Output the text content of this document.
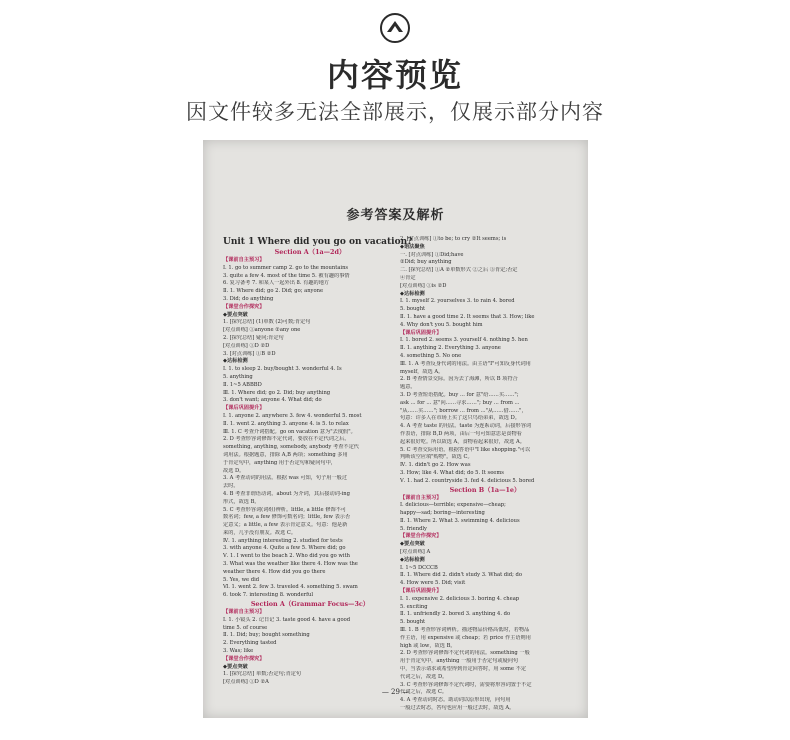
内容预览
因文件较多无法全部展示，仅展示部分内容
参考答案及解析
Unit 1 Where did you go on vacation?
Section A（1a—2d）
【课前自主预习】
Ⅰ. 1. go to summer camp 2. go to the mountains
3. quite a few 4. most of the time 5. 被有趣的事情
6. 复习备考 7. 和某人一起外出 8. 有趣的地方
Ⅱ. 1. Where did; go 2. Did; go; anyone
3. Did; do anything
【课堂合作探究】
◆要点突破
1. [探究总结] (1)单数 (2)可数;肯定句
[对点训练] ①anyone ②any one
2. [探究总结] 疑问;肯定句
[对点训练] ①D ②D
3. [对点训练] ①B ②D
◆达标检测
Ⅰ. 1. to sleep 2. buy/bought 3. wonderful 4. Is
5. anything
Ⅱ. 1~5 ABBBD
Ⅲ. 1. Where did; go 2. Did; buy anything
3. don't want; anyone 4. What did; do
【课后巩固提升】
Ⅰ. 1. anyone 2. anywhere 3. few 4. wonderful 5. most
Ⅱ. 1. went 2. anything 3. anyone 4. is 5. to relax
Ⅲ. 1. C 考查介词搭配。go on vacation 意为"去度假"。
2. D 考查形容词修饰不定代词，要放在不定代词之后。
something, anything, somebody, anybody 考查不定代
词用法。根据题意，排除 A,B 两项；something 多用
于肯定句中，anything 用于否定句和疑问句中，
故选 D。
3. A 考查动词的用法。根据 was 可知，句子用一般过
去时。
4. B 考查非谓语动词。about 为介词，其后接动词-ing
形式，故选 B。
5. C 考查形容词(词组)辨析。little, a little 修饰不可
数名词；few, a few 修饰可数名词；little, few 表示否
定意义；a little, a few 表示肯定意义。句意：他是新
来的，几乎没有朋友。故选 C。
Ⅳ. 1. anything interesting 2. studied for tests
3. with anyone 4. Quite a few 5. Where did; go
Ⅴ. 1. I went to the beach 2. Who did you go with
3. What was the weather like there 4. How was the
weather there 4. How did you go there
5. Yes, we did
Ⅵ. 1. went 2. few 3. traveled 4. something 5. swam
6. took 7. interesting 8. wonderful
Section A（Grammar Focus—3c）
【课前自主预习】
Ⅰ. 1. 小镜头 2. 记日记 3. taste good 4. have a good
time 5. of course
Ⅱ. 1. Did; buy; bought something
2. Everything tasted
3. Was; like
【课堂合作探究】
◆要点突破
1. [探究总结] 单数;否定句;肯定句
[对点训练] ①D ②A
2. [对点训练] ①to be; to cry ②It seems; is
◆语法聚焦
一. [对点训练] ①Did;have
②Did; buy anything
二. [探究总结] ①A ②单数形式 ②之后 ③肯定;否定
④肯定
[对点训练] ①is ②D
◆达标检测
Ⅰ. 1. myself 2. yourselves 3. to rain 4. bored
5. bought
Ⅱ. 1. have a good time 2. It seems that 3. How; like
4. Why don't you 5. bought him
【课后巩固提升】
Ⅰ. 1. bored 2. seems 3. yourself 4. nothing 5. hen
Ⅱ. 1. anything 2. Everything 3. anyone
4. something 5. No one
Ⅲ. 1. A 考查反身代词的用法。由主语"I"可知反身代词用
myself，故选 A。
2. B 考查情景交际。因为去了海滩，所以 B 项符合
题意。
3. D 考查短语搭配。buy ... for 意"给……买……";
ask ... for ... 意"向……寻求……"; buy ... from ...
"从……买……"; borrow ... from ..."从……借……"，
句意：许多人在市场上买了这只鸟给弟弟，故选 D。
4. A 考查 taste 的用法。taste 为连系动词，后接形容词
作表语，排除 B,D 两项，由后一句可知意思是食物看
起来很好吃。所以故选 A，食物看起来很好，故选 A。
5. C 考查交际用语。根据答语中"I like shopping."可以
判断该空应填"购物"。故选 C。
Ⅳ. 1. didn't go 2. How was
3. How; like 4. What did; do 5. It seems
Ⅴ. 1. had 2. countryside 3. fed 4. delicious 5. bored
Section B（1a—1e）
【课前自主预习】
Ⅰ. delicious—terrible; expensive—cheap;
happy—sad; boring—interesting
Ⅱ. 1. Where 2. What 3. swimming 4. delicious
5. friendly
【课堂合作探究】
◆要点突破
[对点训练] A
◆达标检测
Ⅰ. 1~5 DCCCB
Ⅱ. 1. Where did 2. didn't study 3. What did; do
4. How were 5. Did; visit
【课后巩固提升】
Ⅰ. 1. expensive 2. delicious 3. boring 4. cheap
5. exciting
Ⅱ. 1. unfriendly 2. bored 3. anything 4. do
5. bought
Ⅲ. 1. B 考查形容词辨析。描述物品价格高低时，若物品
作主语，用 expensive 或 cheap；若 price 作主语则用
high 或 low，故选 B。
2. D 考查形容词修饰不定代词的用法。something 一般
用于肯定句中，anything 一般用于否定句或疑问句
中，当表示请求或希望得到肯定回答时，用 some 不定
代词之后，故选 D。
3. C 考查形容词修饰不定代词时，需要将形容词置于不定
代词之后，故选 C。
4. A 考查动词时态。助动词以原形出现，问句用
一般过去时态，答句也应用一般过去时，故选 A。
— 29 —
